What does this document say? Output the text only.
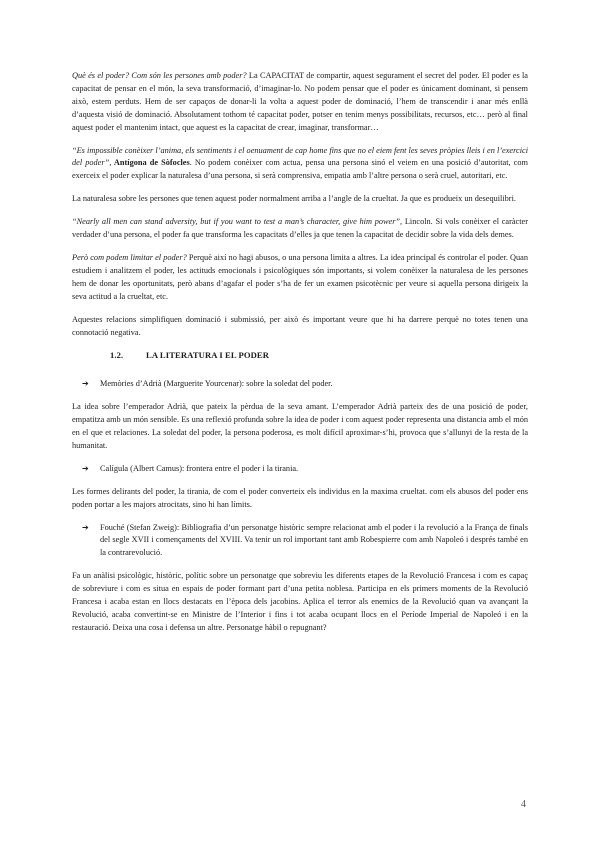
Què és el poder? Com són les persones amb poder? La CAPACITAT de compartir, aquest segurament el secret del poder. El poder es la capacitat de pensar en el món, la seva transformació, d’imaginar-lo. No podem pensar que el poder es únicament dominant, si pensem això, estem perduts. Hem de ser capaços de donar-li la volta a aquest poder de dominació, l’hem de transcendir i anar més enllà d’aquesta visió de dominació. Absolutament tothom té capacitat poder, potser en tenim menys possibilitats, recursos, etc… però al final aquest poder el mantenim intact, que aquest es la capacitat de crear, imaginar, transformar…

“Es impossible conèixer l’anima, els sentiments i el oenuament de cap home fins que no el eiem fent les seves pròpies lleis i en l’exercici del poder”, Antígona de Sòfocles. No podem conèixer com actua, pensa una persona sinó el veiem en una posició d’autoritat, com exerceix el poder explicar la naturalesa d’una persona, si serà comprensiva, empatia amb l’altre persona o serà cruel, autoritari, etc.

La naturalesa sobre les persones que tenen aquest poder normalment arriba a l’angle de la crueltat. Ja que es produeix un desequilibri.

“Nearly all men can stand adversity, but if you want to test a man’s character, give him power”, Lincoln. Si vols conèixer el caràcter verdader d’una persona, el poder fa que transforma les capacitats d’elles ja que tenen la capacitat de decidir sobre la vida dels demes.

Però com podem limitar el poder? Perquè així no hagi abusos, o una persona limita a altres. La idea principal és controlar el poder. Quan estudiem i analitzem el poder, les actituds emocionals i psicològiques són importants, si volem conèixer la naturalesa de les persones hem de donar les oportunitats, però abans d’agafar el poder s’ha de fer un examen psicotècnic per veure si aquella persona dirigeix la seva actitud a la crueltat, etc.

Aquestes relacions simplifiquen dominació i submissió, per això és important veure que hi ha darrere perquè no totes tenen una connotació negativa.

1.2.	LA LITERATURA I EL PODER
➔	Memòries d’Adrià (Marguerite Yourcenar): sobre la soledat del poder.

La idea sobre l’emperador Adrià, que pateix la pèrdua de la seva amant. L’emperador Adrià parteix des de una posició de poder, empatitza amb un món sensible. Es una reflexió profunda sobre la idea de poder i com aquest poder representa una distancia amb el món en el que et relaciones. La soledat del poder, la persona poderosa, es molt difícil aproximar-s’hi, provoca que s’allunyi de la resta de la humanitat.

➔	Calígula (Albert Camus): frontera entre el poder i la tirania.

Les formes delirants del poder, la tirania, de com el poder converteix els individus en la maxima crueltat. com els abusos del poder ens poden portar a les majors atrocitats, sino hi han límits.

➔	Fouché (Stefan Zweig): Bibliografia d’un personatge històric sempre relacionat amb el poder i la revolució a la França de finals del segle XVII i començaments del XVIII. Va tenir un rol important tant amb Robespierre com amb Napoleó i després també en la contrarevolució.

Fa un anàlisi psicològic, històric, polític sobre un personatge que sobreviu les diferents etapes de la Revolució Francesa i com es capaç de sobreviure i com es situa en espais de poder formant part d’una petita noblesa. Participa en els primers moments de la Revolució Francesa i acaba estan en llocs destacats en l’època dels jacobins. Aplica el terror als enemics de la Revolució quan va avançant la Revolució, acaba convertint-se en Ministre de l’Interior i fins i tot acaba ocupant llocs en el Període Imperial de Napoleó i en la restauració. Deixa una cosa i defensa un altre. Personatge hàbil o repugnant?

4
